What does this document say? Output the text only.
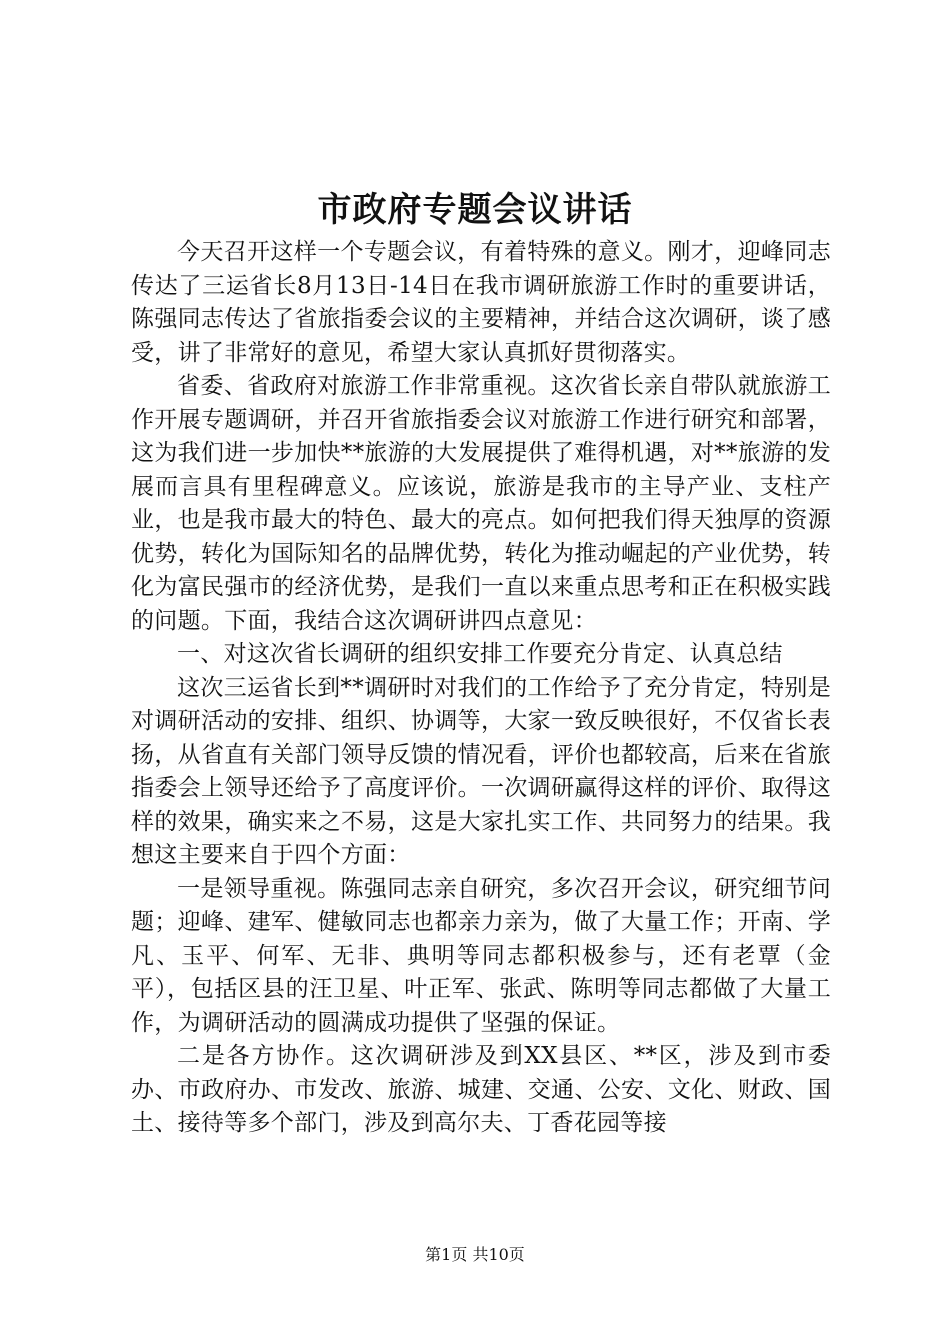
市政府专题会议讲话

今天召开这样一个专题会议，有着特殊的意义。刚才，迎峰同志传达了三运省长8月13日-14日在我市调研旅游工作时的重要讲话，陈强同志传达了省旅指委会议的主要精神，并结合这次调研，谈了感受，讲了非常好的意见，希望大家认真抓好贯彻落实。

省委、省政府对旅游工作非常重视。这次省长亲自带队就旅游工作开展专题调研，并召开省旅指委会议对旅游工作进行研究和部署，这为我们进一步加快**旅游的大发展提供了难得机遇，对**旅游的发展而言具有里程碑意义。应该说，旅游是我市的主导产业、支柱产业，也是我市最大的特色、最大的亮点。如何把我们得天独厚的资源优势，转化为国际知名的品牌优势，转化为推动崛起的产业优势，转化为富民强市的经济优势，是我们一直以来重点思考和正在积极实践的问题。下面，我结合这次调研讲四点意见：

一、对这次省长调研的组织安排工作要充分肯定、认真总结

这次三运省长到**调研时对我们的工作给予了充分肯定，特别是对调研活动的安排、组织、协调等，大家一致反映很好，不仅省长表扬，从省直有关部门领导反馈的情况看，评价也都较高，后来在省旅指委会上领导还给予了高度评价。一次调研赢得这样的评价、取得这样的效果，确实来之不易，这是大家扎实工作、共同努力的结果。我想这主要来自于四个方面：

一是领导重视。陈强同志亲自研究，多次召开会议，研究细节问题；迎峰、建军、健敏同志也都亲力亲为，做了大量工作；开南、学凡、玉平、何军、无非、典明等同志都积极参与，还有老覃（金平），包括区县的汪卫星、叶正军、张武、陈明等同志都做了大量工作，为调研活动的圆满成功提供了坚强的保证。

二是各方协作。这次调研涉及到XX县区、**区，涉及到市委办、市政府办、市发改、旅游、城建、交通、公安、文化、财政、国土、接待等多个部门，涉及到高尔夫、丁香花园等接

第1页 共10页
